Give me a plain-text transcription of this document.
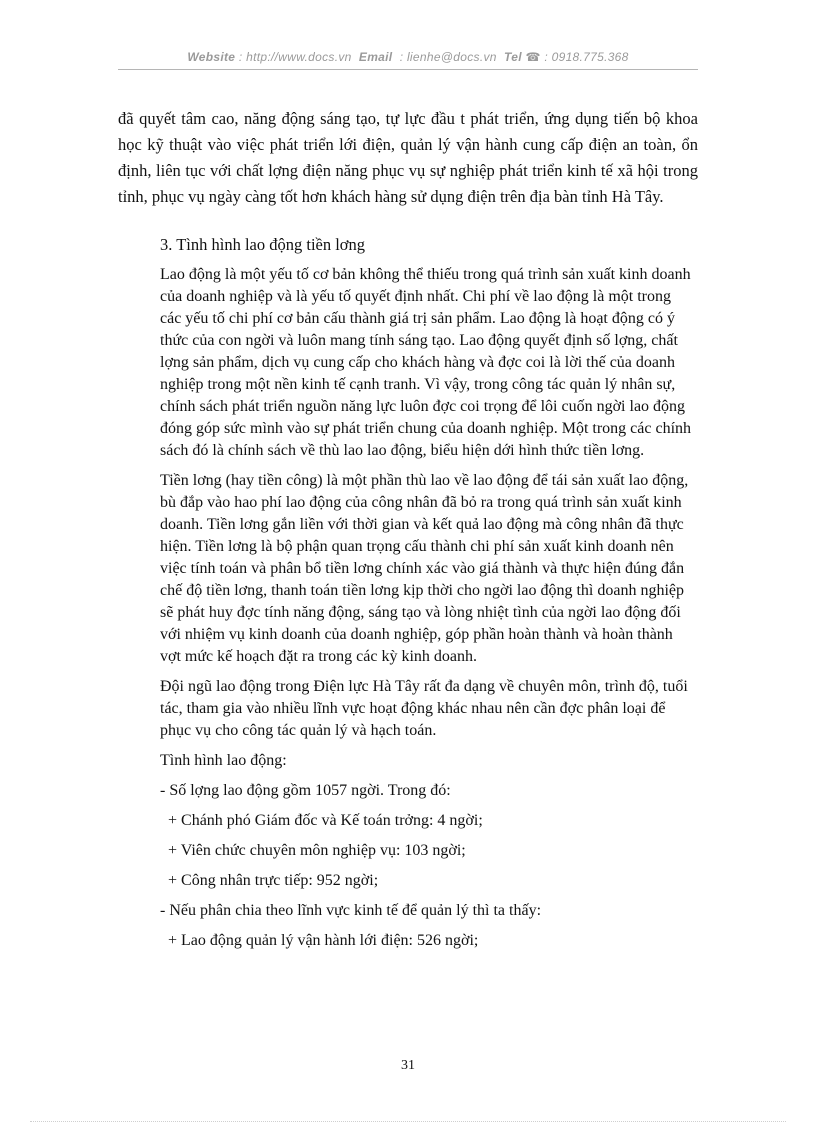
Website : http://www.docs.vn Email : lienhe@docs.vn Tel ☎ : 0918.775.368

đã quyết tâm cao, năng động sáng tạo, tự lực đầu t phát triển, ứng dụng tiến bộ khoa học kỹ thuật vào việc phát triển lới điện, quản lý vận hành cung cấp điện an toàn, ổn định, liên tục với chất lợng điện năng phục vụ sự nghiệp phát triển kinh tế xã hội trong tỉnh, phục vụ ngày càng tốt hơn khách hàng sử dụng điện trên địa bàn tỉnh Hà Tây.

3. Tình hình lao động tiền lơng

Lao động là một yếu tố cơ bản không thể thiếu trong quá trình sản xuất kinh doanh của doanh nghiệp và là yếu tố quyết định nhất. Chi phí về lao động là một trong các yếu tố chi phí cơ bản cấu thành giá trị sản phẩm. Lao động là hoạt động có ý thức của con ngời và luôn mang tính sáng tạo. Lao động quyết định số lợng, chất lợng sản phẩm, dịch vụ cung cấp cho khách hàng và đợc coi là lời thế của doanh nghiệp trong một nền kinh tế cạnh tranh. Vì vậy, trong công tác quản lý nhân sự, chính sách phát triển nguồn năng lực luôn đợc coi trọng để lôi cuốn ngời lao động đóng góp sức mình vào sự phát triển chung của doanh nghiệp. Một trong các chính sách đó là chính sách về thù lao lao động, biểu hiện dới hình thức tiền lơng.

Tiền lơng (hay tiền công) là một phần thù lao về lao động để tái sản xuất lao động, bù đắp vào hao phí lao động của công nhân đã bỏ ra trong quá trình sản xuất kinh doanh. Tiền lơng gắn liền với thời gian và kết quả lao động mà công nhân đã thực hiện. Tiền lơng là bộ phận quan trọng cấu thành chi phí sản xuất kinh doanh nên việc tính toán và phân bổ tiền lơng chính xác vào giá thành và thực hiện đúng đắn chế độ tiền lơng, thanh toán tiền lơng kịp thời cho ngời lao động thì doanh nghiệp sẽ phát huy đợc tính năng động, sáng tạo và lòng nhiệt tình của ngời lao động đối với nhiệm vụ kinh doanh của doanh nghiệp, góp phần hoàn thành và hoàn thành vợt mức kế hoạch đặt ra trong các kỳ kinh doanh.

Đội ngũ lao động trong Điện lực Hà Tây rất đa dạng về chuyên môn, trình độ, tuổi tác, tham gia vào nhiều lĩnh vực hoạt động khác nhau nên cần đợc phân loại để phục vụ cho công tác quản lý và hạch toán.

Tình hình lao động:
- Số lợng lao động gồm 1057 ngời. Trong đó:
+ Chánh phó Giám đốc và Kế toán trởng: 4 ngời;
+ Viên chức chuyên môn nghiệp vụ: 103 ngời;
+ Công nhân trực tiếp: 952 ngời;
- Nếu phân chia theo lĩnh vực kinh tế để quản lý thì ta thấy:
+ Lao động quản lý vận hành lới điện: 526 ngời;
31
